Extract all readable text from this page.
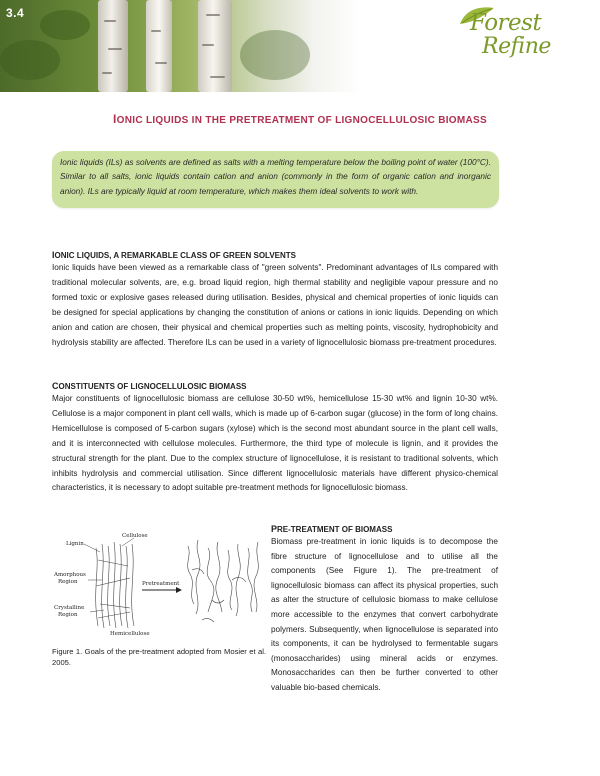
3.4	Forest
Refine
IONIC LIQUIDS IN THE PRETREATMENT OF LIGNOCELLULOSIC BIOMASS

Ionic liquids (ILs) as solvents are defined as salts with a melting temperature below the boiling point of water (100°C). Similar to all salts, ionic liquids contain cation and anion (commonly in the form of organic cation and inorganic anion). ILs are typically liquid at room temperature, which makes them ideal solvents to work with.

IONIC LIQUIDS, A REMARKABLE CLASS OF GREEN SOLVENTS

Ionic liquids have been viewed as a remarkable class of "green solvents". Predominant advantages of ILs compared with traditional molecular solvents, are, e.g. broad liquid region, high thermal stability and negligible vapour pressure and no formed toxic or explosive gases released during utilisation. Besides, physical and chemical properties of ionic liquids can be designed for special applications by changing the constitution of anions or cations in ionic liquids. Depending on which anion and cation are chosen, their physical and chemical properties such as melting points, viscosity, hydrophobicity and hydrolysis stability are affected. Therefore ILs can be used in a variety of lignocellulosic biomass pre-treatment procedures.

CONSTITUENTS OF LIGNOCELLULOSIC BIOMASS

Major constituents of lignocellulosic biomass are cellulose 30-50 wt%, hemicellulose 15-30 wt% and lignin 10-30 wt%. Cellulose is a major component in plant cell walls, which is made up of 6-carbon sugar (glucose) in the form of long chains. Hemicellulose is composed of 5-carbon sugars (xylose) which is the second most abundant source in the plant cell walls, and it is interconnected with cellulose molecules. Furthermore, the third type of molecule is lignin, and it provides the structural strength for the plant. Due to the complex structure of lignocellulose, it is resistant to traditional solvents, which inhibits hydrolysis and commercial utilisation. Since different lignocellulosic materials have different physico-chemical characteristics, it is necessary to adopt suitable pre-treatment methods for lignocellulosic biomass.

Lignin
Cellulose
Amorphous
Region
Crystalline
Region
Pretreatment
Hemicellulose
Figure 1. Goals of the pre-treatment adopted from Mosier et al. 2005.

PRE-TREATMENT OF BIOMASS

Biomass pre-treatment in ionic liquids is to decompose the fibre structure of lignocellulose and to utilise all the components (See Figure 1). The pre-treatment of lignocellulosic biomass can affect its physical properties, such as alter the structure of cellulosic biomass to make cellulose more accessible to the enzymes that convert carbohydrate polymers. Subsequently, when lignocellulose is separated into its components, it can be hydrolysed to fermentable sugars (monosaccharides) using mineral acids or enzymes. Monosaccharides can then be further converted to other valuable bio-based chemicals.
